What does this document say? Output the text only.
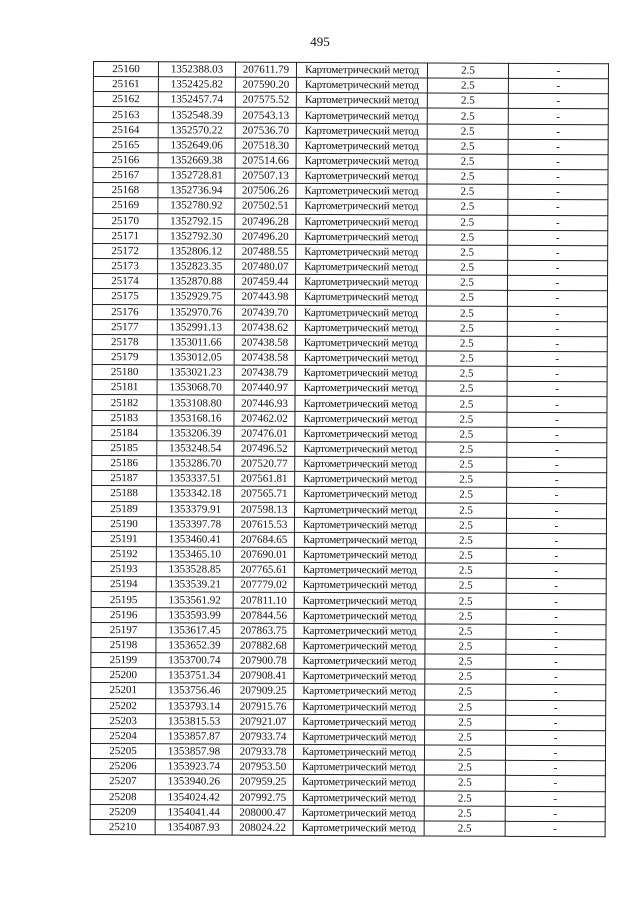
495
25160	1352388.03	207611.79	Картометрический метод	2.5	-
25161	1352425.82	207590.20	Картометрический метод	2.5	-
25162	1352457.74	207575.52	Картометрический метод	2.5	-
25163	1352548.39	207543.13	Картометрический метод	2.5	-
25164	1352570.22	207536.70	Картометрический метод	2.5	-
25165	1352649.06	207518.30	Картометрический метод	2.5	-
25166	1352669.38	207514.66	Картометрический метод	2.5	-
25167	1352728.81	207507.13	Картометрический метод	2.5	-
25168	1352736.94	207506.26	Картометрический метод	2.5	-
25169	1352780.92	207502.51	Картометрический метод	2.5	-
25170	1352792.15	207496.28	Картометрический метод	2.5	-
25171	1352792.30	207496.20	Картометрический метод	2.5	-
25172	1352806.12	207488.55	Картометрический метод	2.5	-
25173	1352823.35	207480.07	Картометрический метод	2.5	-
25174	1352870.88	207459.44	Картометрический метод	2.5	-
25175	1352929.75	207443.98	Картометрический метод	2.5	-
25176	1352970.76	207439.70	Картометрический метод	2.5	-
25177	1352991.13	207438.62	Картометрический метод	2.5	-
25178	1353011.66	207438.58	Картометрический метод	2.5	-
25179	1353012.05	207438.58	Картометрический метод	2.5	-
25180	1353021.23	207438.79	Картометрический метод	2.5	-
25181	1353068.70	207440.97	Картометрический метод	2.5	-
25182	1353108.80	207446.93	Картометрический метод	2.5	-
25183	1353168.16	207462.02	Картометрический метод	2.5	-
25184	1353206.39	207476.01	Картометрический метод	2.5	-
25185	1353248.54	207496.52	Картометрический метод	2.5	-
25186	1353286.70	207520.77	Картометрический метод	2.5	-
25187	1353337.51	207561.81	Картометрический метод	2.5	-
25188	1353342.18	207565.71	Картометрический метод	2.5	-
25189	1353379.91	207598.13	Картометрический метод	2.5	-
25190	1353397.78	207615.53	Картометрический метод	2.5	-
25191	1353460.41	207684.65	Картометрический метод	2.5	-
25192	1353465.10	207690.01	Картометрический метод	2.5	-
25193	1353528.85	207765.61	Картометрический метод	2.5	-
25194	1353539.21	207779.02	Картометрический метод	2.5	-
25195	1353561.92	207811.10	Картометрический метод	2.5	-
25196	1353593.99	207844.56	Картометрический метод	2.5	-
25197	1353617.45	207863.75	Картометрический метод	2.5	-
25198	1353652.39	207882.68	Картометрический метод	2.5	-
25199	1353700.74	207900.78	Картометрический метод	2.5	-
25200	1353751.34	207908.41	Картометрический метод	2.5	-
25201	1353756.46	207909.25	Картометрический метод	2.5	-
25202	1353793.14	207915.76	Картометрический метод	2.5	-
25203	1353815.53	207921.07	Картометрический метод	2.5	-
25204	1353857.87	207933.74	Картометрический метод	2.5	-
25205	1353857.98	207933.78	Картометрический метод	2.5	-
25206	1353923.74	207953.50	Картометрический метод	2.5	-
25207	1353940.26	207959.25	Картометрический метод	2.5	-
25208	1354024.42	207992.75	Картометрический метод	2.5	-
25209	1354041.44	208000.47	Картометрический метод	2.5	-
25210	1354087.93	208024.22	Картометрический метод	2.5	-
